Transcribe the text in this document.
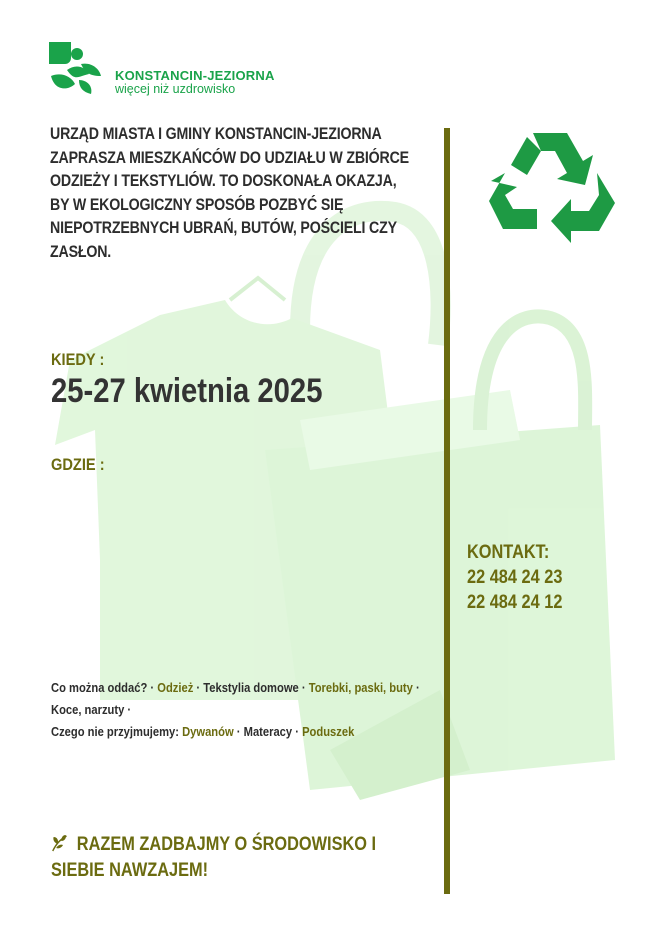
KONSTANCIN-JEZIORNA
więcej niż uzdrowisko
URZĄD MIASTA I GMINY KONSTANCIN-JEZIORNA ZAPRASZA MIESZKAŃCÓW DO UDZIAŁU W ZBIÓRCE ODZIEŻY I TEKSTYLIÓW. TO DOSKONAŁA OKAZJA, BY W EKOLOGICZNY SPOSÓB POZBYĆ SIĘ NIEPOTRZEBNYCH UBRAŃ, BUTÓW, POŚCIELI CZY ZASŁON.
KIEDY :
25-27 kwietnia 2025
GDZIE :
KONTAKT:
22 484 24 23
22 484 24 12
Co można oddać? · Odzież · Tekstylia domowe · Torebki, paski, buty · Koce, narzuty ·
Czego nie przyjmujemy: Dywanów · Materacy · Poduszek
RAZEM ZADBAJMY O ŚRODOWISKO I SIEBIE NAWZAJEM!
